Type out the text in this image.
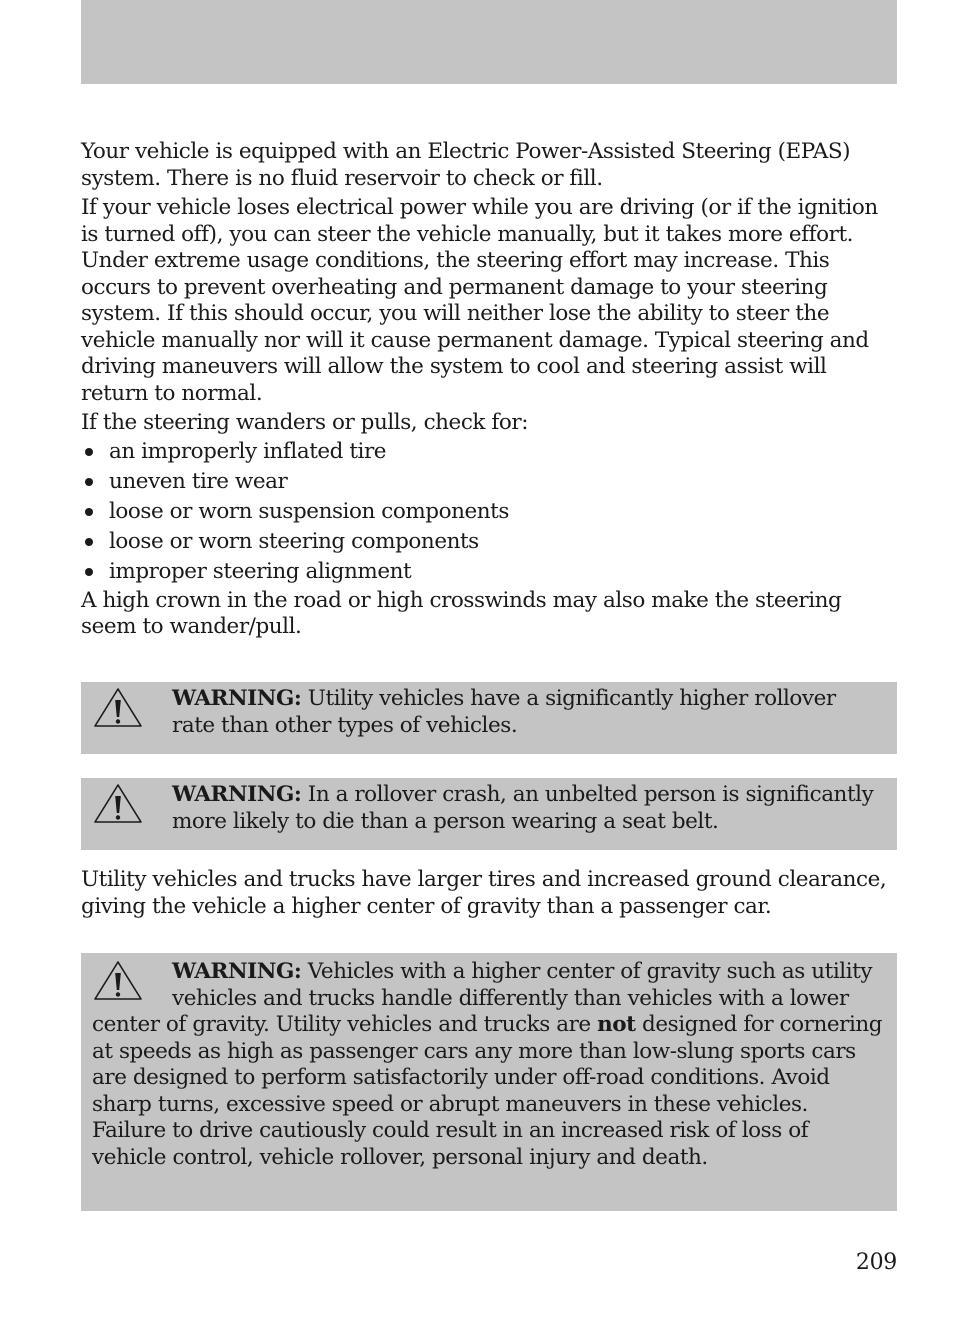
Your vehicle is equipped with an Electric Power-Assisted Steering (EPAS) system. There is no fluid reservoir to check or fill.

If your vehicle loses electrical power while you are driving (or if the ignition is turned off), you can steer the vehicle manually, but it takes more effort. Under extreme usage conditions, the steering effort may increase. This occurs to prevent overheating and permanent damage to your steering system. If this should occur, you will neither lose the ability to steer the vehicle manually nor will it cause permanent damage. Typical steering and driving maneuvers will allow the system to cool and steering assist will return to normal.

If the steering wanders or pulls, check for:

an improperly inflated tire
uneven tire wear
loose or worn suspension components
loose or worn steering components
improper steering alignment

A high crown in the road or high crosswinds may also make the steering seem to wander/pull.

WARNING: Utility vehicles have a significantly higher rollover rate than other types of vehicles.

WARNING: In a rollover crash, an unbelted person is significantly more likely to die than a person wearing a seat belt.

Utility vehicles and trucks have larger tires and increased ground clearance, giving the vehicle a higher center of gravity than a passenger car.

WARNING: Vehicles with a higher center of gravity such as utility vehicles and trucks handle differently than vehicles with a lower center of gravity. Utility vehicles and trucks are not designed for cornering at speeds as high as passenger cars any more than low-slung sports cars are designed to perform satisfactorily under off-road conditions. Avoid sharp turns, excessive speed or abrupt maneuvers in these vehicles. Failure to drive cautiously could result in an increased risk of loss of vehicle control, vehicle rollover, personal injury and death.

209
